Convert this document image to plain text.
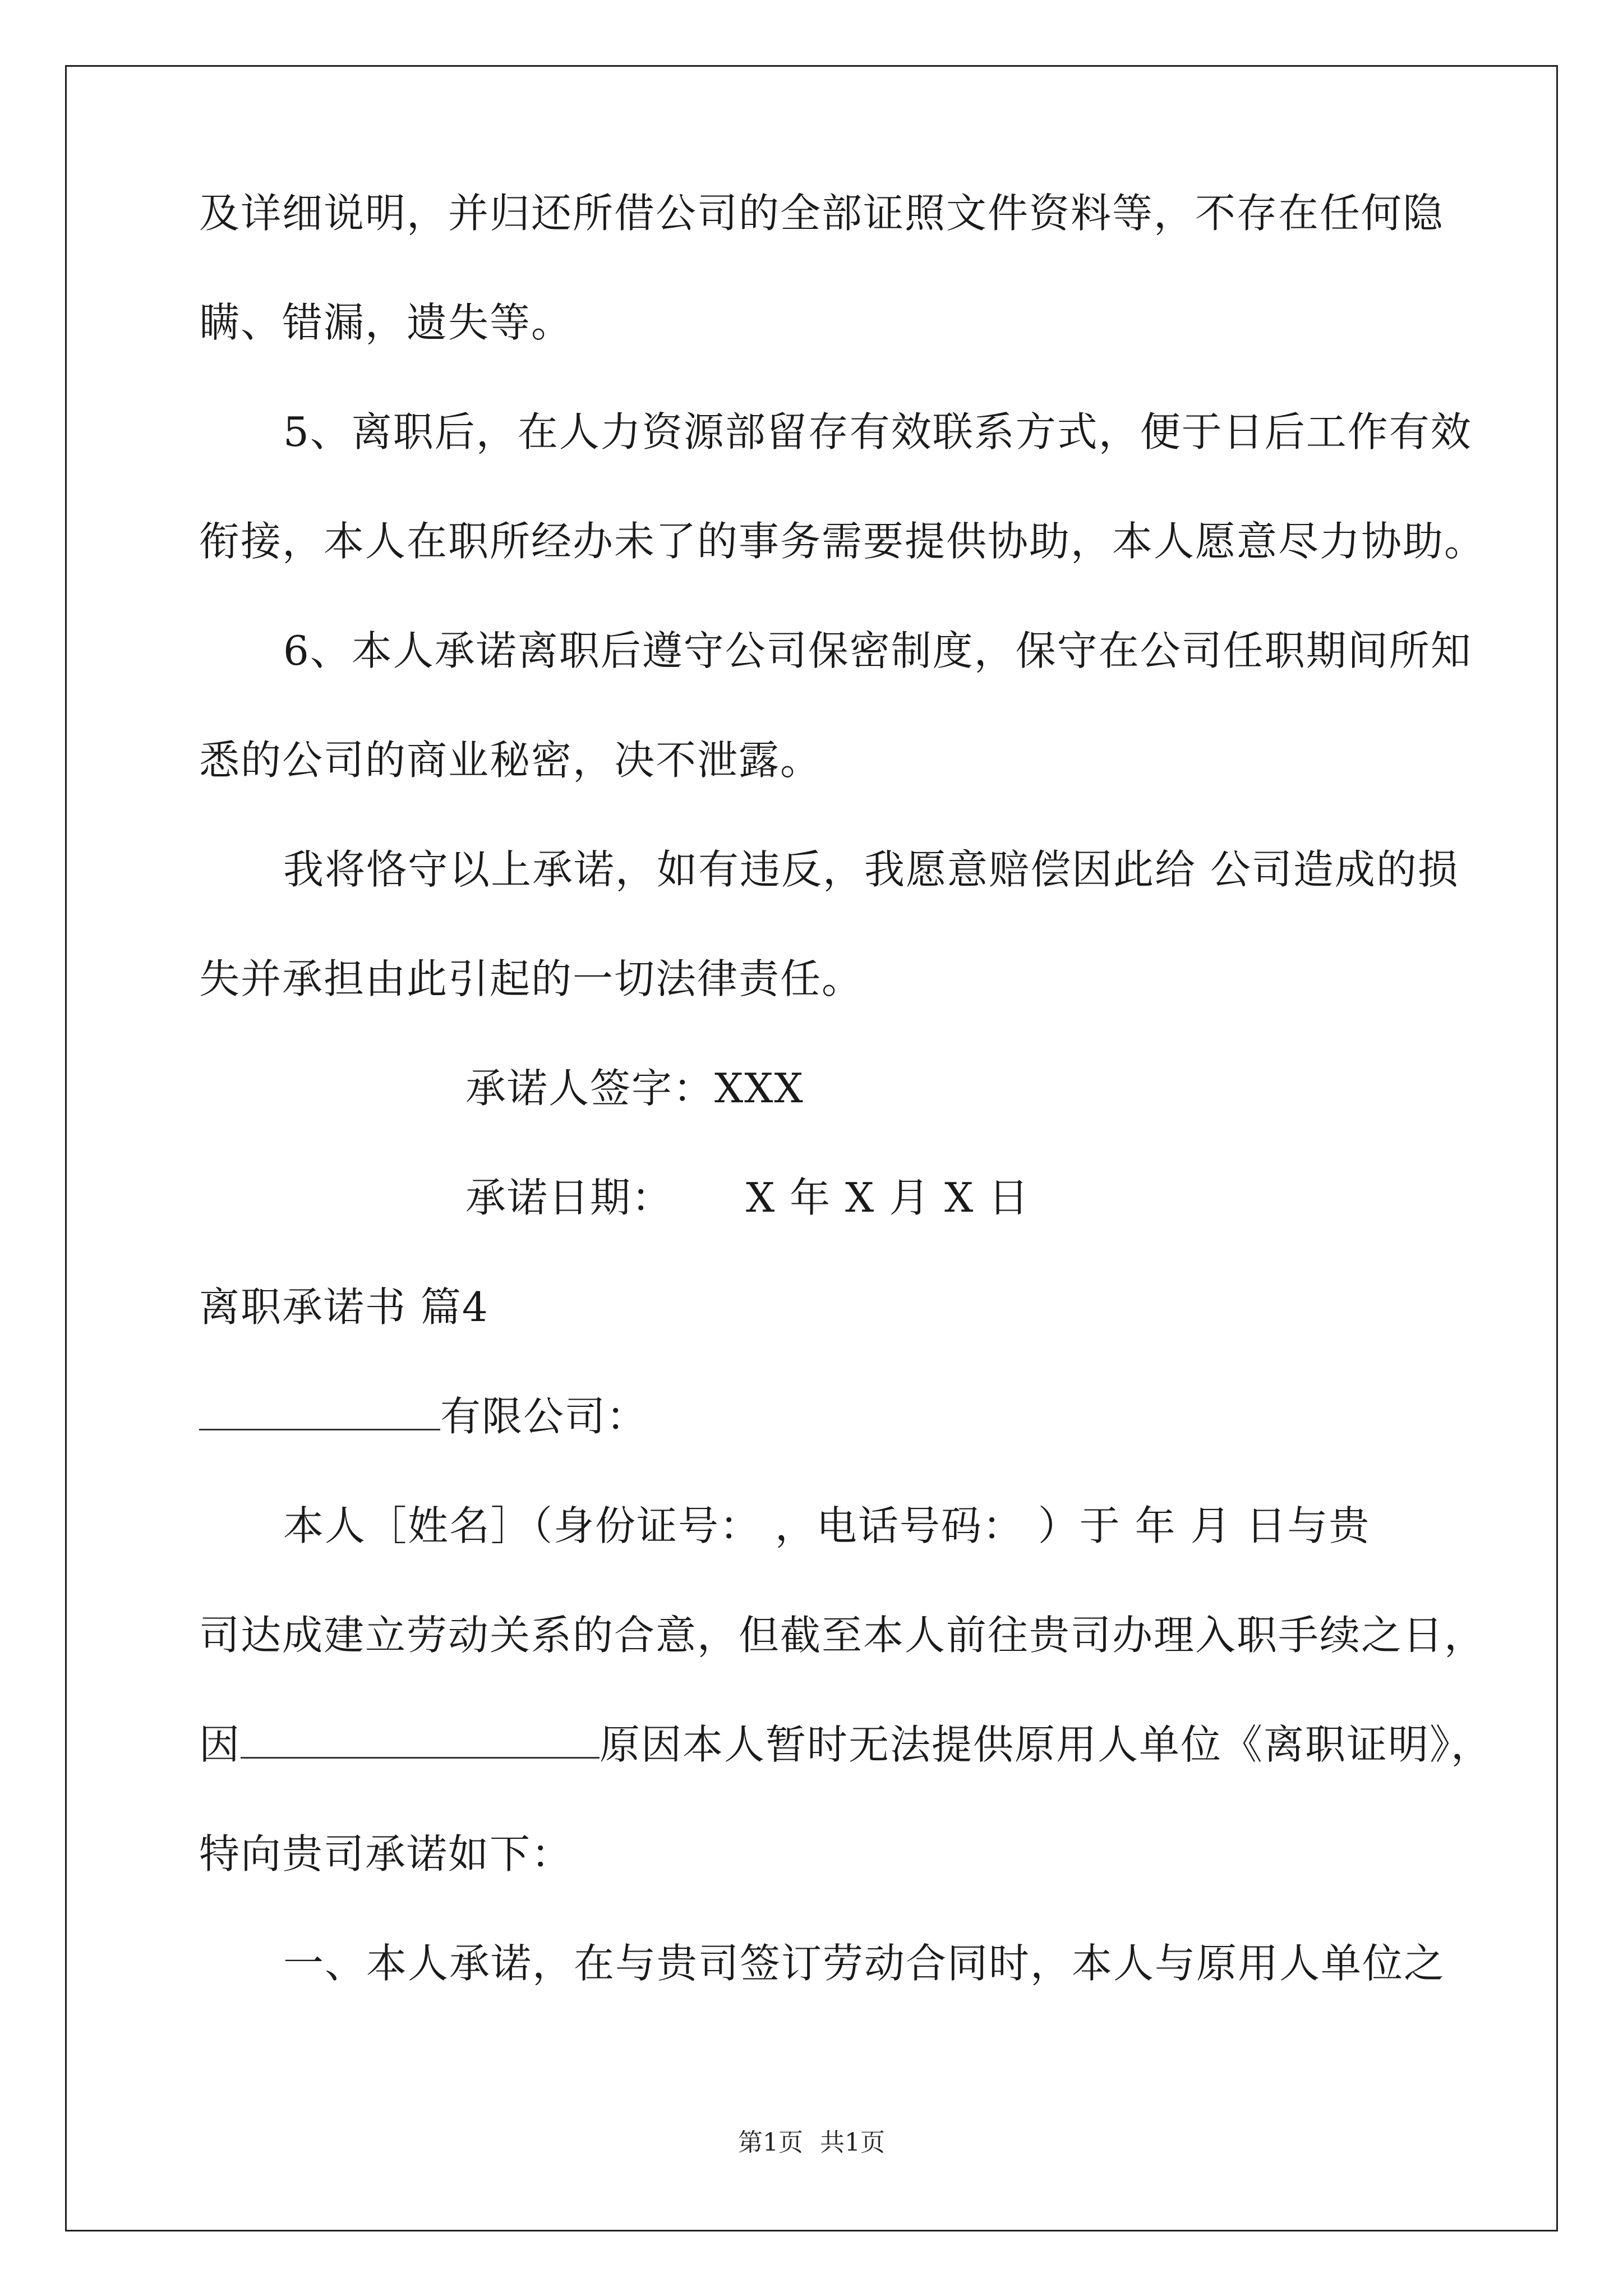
及详细说明，并归还所借公司的全部证照文件资料等，不存在任何隐
瞒、错漏，遗失等。
5、离职后，在人力资源部留存有效联系方式，便于日后工作有效
衔接，本人在职所经办未了的事务需要提供协助，本人愿意尽力协助。
6、本人承诺离职后遵守公司保密制度，保守在公司任职期间所知
悉的公司的商业秘密，决不泄露。
我将恪守以上承诺，如有违反，我愿意赔偿因此给 公司造成的损
失并承担由此引起的一切法律责任。
承诺人签字：XXX
承诺日期： X 年 X 月 X 日
离职承诺书 篇4
有限公司：
本人［姓名］（身份证号： ，电话号码： ）于 年 月 日与贵
司达成建立劳动关系的合意，但截至本人前往贵司办理入职手续之日，
因	原因本人暂时无法提供原用人单位《离职证明》，
特向贵司承诺如下：
一、本人承诺，在与贵司签订劳动合同时，本人与原用人单位之
第1页 共1页
